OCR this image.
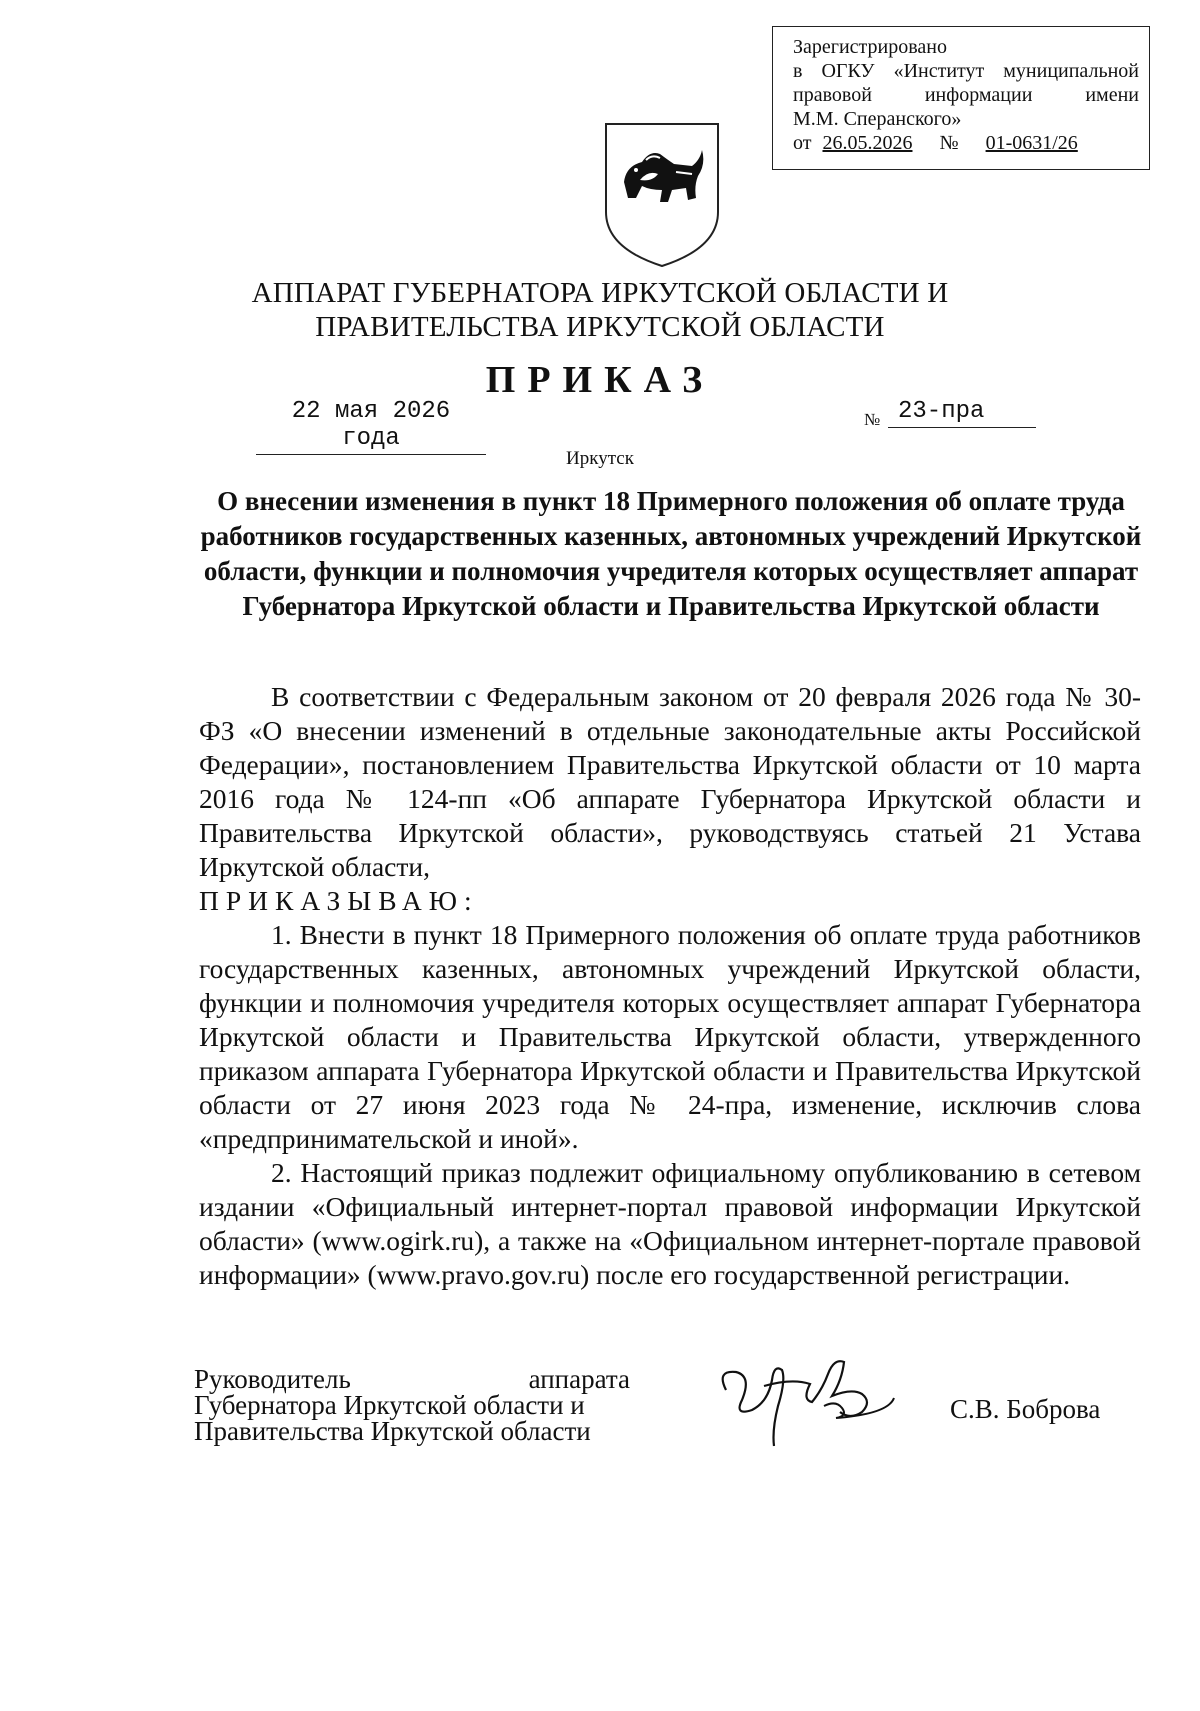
Зарегистрировано
в ОГКУ «Институт муниципальной
правовой информации имени
М.М. Сперанского»
от 26.05.2026 № 01-0631/26
АППАРАТ ГУБЕРНАТОРА ИРКУТСКОЙ ОБЛАСТИ И
ПРАВИТЕЛЬСТВА ИРКУТСКОЙ ОБЛАСТИ
ПРИКАЗ
22 мая 2026 года
№ 23-пра
Иркутск
О внесении изменения в пункт 18 Примерного положения об оплате труда работников государственных казенных, автономных учреждений Иркутской области, функции и полномочия учредителя которых осуществляет аппарат Губернатора Иркутской области и Правительства Иркутской области

В соответствии с Федеральным законом от 20 февраля 2026 года № 30-ФЗ «О внесении изменений в отдельные законодательные акты Российской Федерации», постановлением Правительства Иркутской области от 10 марта 2016 года № 124-пп «Об аппарате Губернатора Иркутской области и Правительства Иркутской области», руководствуясь статьей 21 Устава Иркутской области,

ПРИКАЗЫВАЮ:

1. Внести в пункт 18 Примерного положения об оплате труда работников государственных казенных, автономных учреждений Иркутской области, функции и полномочия учредителя которых осуществляет аппарат Губернатора Иркутской области и Правительства Иркутской области, утвержденного приказом аппарата Губернатора Иркутской области и Правительства Иркутской области от 27 июня 2023 года № 24-пра, изменение, исключив слова «предпринимательской и иной».

2. Настоящий приказ подлежит официальному опубликованию в сетевом издании «Официальный интернет-портал правовой информации Иркутской области» (www.ogirk.ru), а также на «Официальном интернет-портале правовой информации» (www.pravo.gov.ru) после его государственной регистрации.

Руководитель аппарата
Губернатора Иркутской области и
Правительства Иркутской области
С.В. Боброва
